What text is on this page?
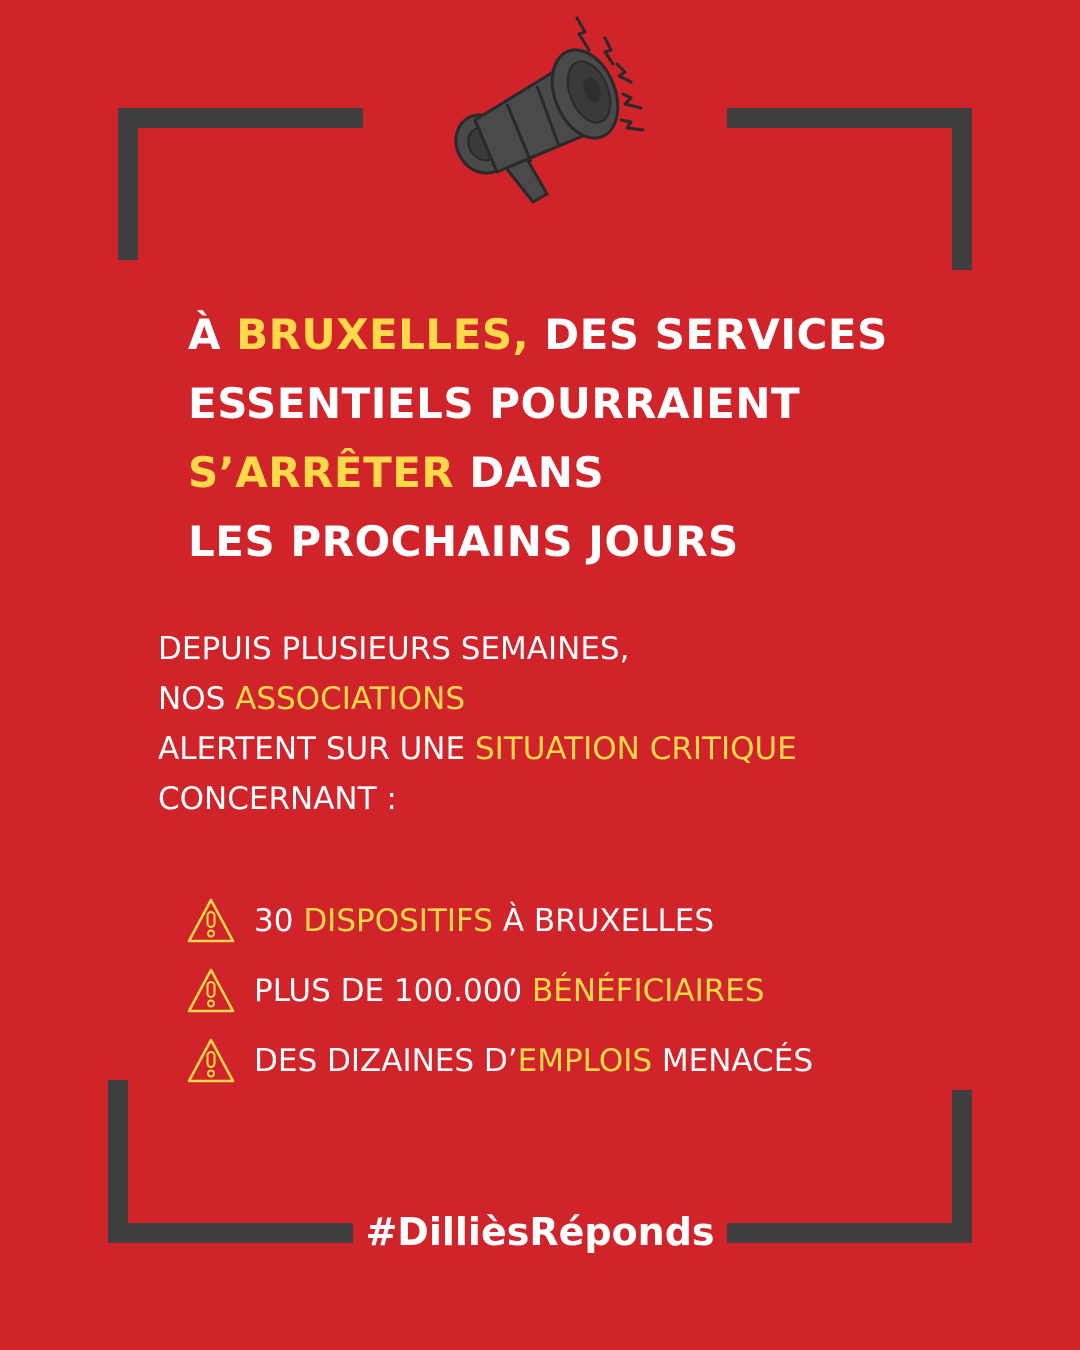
À BRUXELLES, DES SERVICES
ESSENTIELS POURRAIENT
S’ARRÊTER DANS
LES PROCHAINS JOURS
DEPUIS PLUSIEURS SEMAINES,
NOS ASSOCIATIONS
ALERTENT SUR UNE SITUATION CRITIQUE
CONCERNANT :
30 DISPOSITIFS À BRUXELLES
PLUS DE 100.000 BÉNÉFICIAIRES
DES DIZAINES D’EMPLOIS MENACÉS
#DillièsRéponds
